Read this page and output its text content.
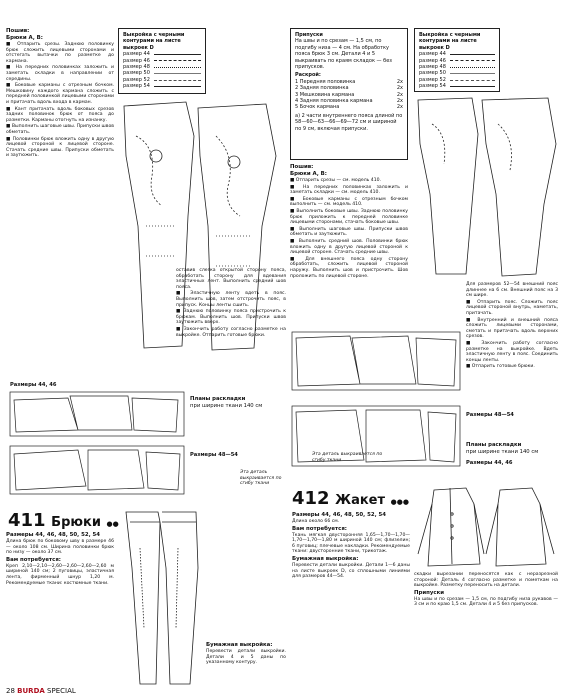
Пошив:
Брюки А, В:

■ Отпарить срезы. Заднюю половинку брюк сложить лицевыми сторонами и отстегать вытачки по разметке до кармана.

■ На передних половинках заложить и заметать складки в направлении от середины.

■ Боковые карманы с отрезным бочком. Мешковину каждого кармана сложить с передней половинкой лицевыми сторонами и притачать вдоль входа в карман.

■ Кант притачать вдоль боковых срезов задних половинок брюк от пояса до разметки. Карманы отогнуть на изнанку.

■ Выполнить шаговые швы. Припуски швов обметать.

■ Половинки брюк вложить одну в другую лицевой стороной к лицевой стороне. Стачать средние швы. Припуски обметать и заутюжить.

Выкройка с черными контурами на листе выкроек D
размер 44
размер 46
размер 48
размер 50
размер 52
размер 54

оставив слегка открытой сторону пояса, обработать сторону для вдевания эластичных лент. Выполнить средний шов пояса.

■ Эластичную ленту вдеть в пояс. Выполнить шов, затем отстрочить пояс, в припуск. Концы ленты сшить.

■ Заднюю половинку пояса пристрочить к брюкам. Выполнить шов. Припуски швов заутюжить вверх.

■ Закончить работу согласно разметке на выкройке. Отпарить готовые брюки.

Размеры 44, 46
Планы раскладки
при ширине ткани 140 см
Размеры 48—54
Эта деталь выкраивается по сгибу ткани
411 Брюки ●●
Размеры 44, 46, 48, 50, 52, 54

Длина брюк по боковому шву в размере 46 — около 108 см. Ширина половинки брюк по низу — около 37 см.

Вам потребуется:

Креп 2,10—2,10—2,60—2,60—2,60—2,60 м шириной 140 см; 2 пуговицы, эластичная лента, фирменный шнур 1,20 м. Рекомендуемые ткани: костюмные ткани.

Бумажная выкройка:

Перевести детали выкройки. Детали 4 и 5 даны по указанному контуру.

Припуски
На швы и по срезам — 1,5 см, по подгибу низа — 4 см. На обработку пояса брюк 3 см. Детали 4 и 5 выкраивать по краям складок — без припусков.
Раскрой:
1 Передняя половинка	2x
2 Задняя половинка	2x
3 Мешковина кармана	2x
4 Задняя половинка кармана	2x
5 Бочок кармана	2x
а) 2 части внутреннего пояса длиной по 58—60—63—66—69—72 см и шириной по 9 см, включая припуски.
Пошив:
Брюки А, В:

■ Отпарить срезы — см. модель 410.

■ На передних половинках заложить и заметать складки — см. модель 410.

■ Боковые карманы с отрезным бочком выполнить — см. модель 410.

■ Выполнить боковые швы. Заднюю половинку брюк приложить к передней половинке лицевыми сторонами, стачать боковые швы.

■ Выполнить шаговые швы. Припуски швов обметать и заутюжить.

■ Выполнить средний шов. Половинки брюк вложить одну в другую лицевой стороной к лицевой стороне. Стачать средние швы.

■ Для внешнего пояса одну сторону обработать, сложить лицевой стороной наружу. Выполнить шов и пристрочить. Шов проложить по лицевой стороне.

Выкройка с черными контурами на листе выкроек D
размер 44
размер 46
размер 48
размер 50
размер 52
размер 54

Для размеров 52—54 внешний пояс длиннее на 6 см. Внешний пояс на 3 см шире.

■ Отпарить пояс. Сложить пояс лицевой стороной внутрь, наметать, притачать.

■ Внутренний и внешний пояса сложить лицевыми сторонами, сметать и притачать вдоль верхних срезов.

■ Закончить работу согласно разметке на выкройке. Вдеть эластичную ленту в пояс. Соединить концы ленты.

■ Отпарить готовые брюки.

Планы раскладки
при ширине ткани 140 см
Размеры 44, 46
Размеры 48—54
Эта деталь выкраивается по сгибу ткани
412 Жакет ●●●
Размеры 44, 46, 48, 50, 52, 54

Длина около 66 см.

Вам потребуется:

Ткань мягкая двусторонняя 1,65—1,70—1,70—1,70—1,70—1,80 м шириной 140 см; флизелин; 6 пуговиц; плечевые накладки. Рекомендуемые ткани: двусторонние ткани, трикотаж.

Бумажная выкройка:

Перевести детали выкройки. Детали 1—6 даны на листе выкроек D, со сплошными линиями для размеров 44—54.	скадки вырезании переносятся как с неразрезной стороной: Деталь 4 согласно разметке и пометкам на выкройке. Разметку переносить на детали.

Припуски

На швы и по срезам — 1,5 см, по подгибу низа рукавов — 3 см и по краю 1,5 см. Детали 4 и 5 без припусков.

28 BURDA SPECIAL
